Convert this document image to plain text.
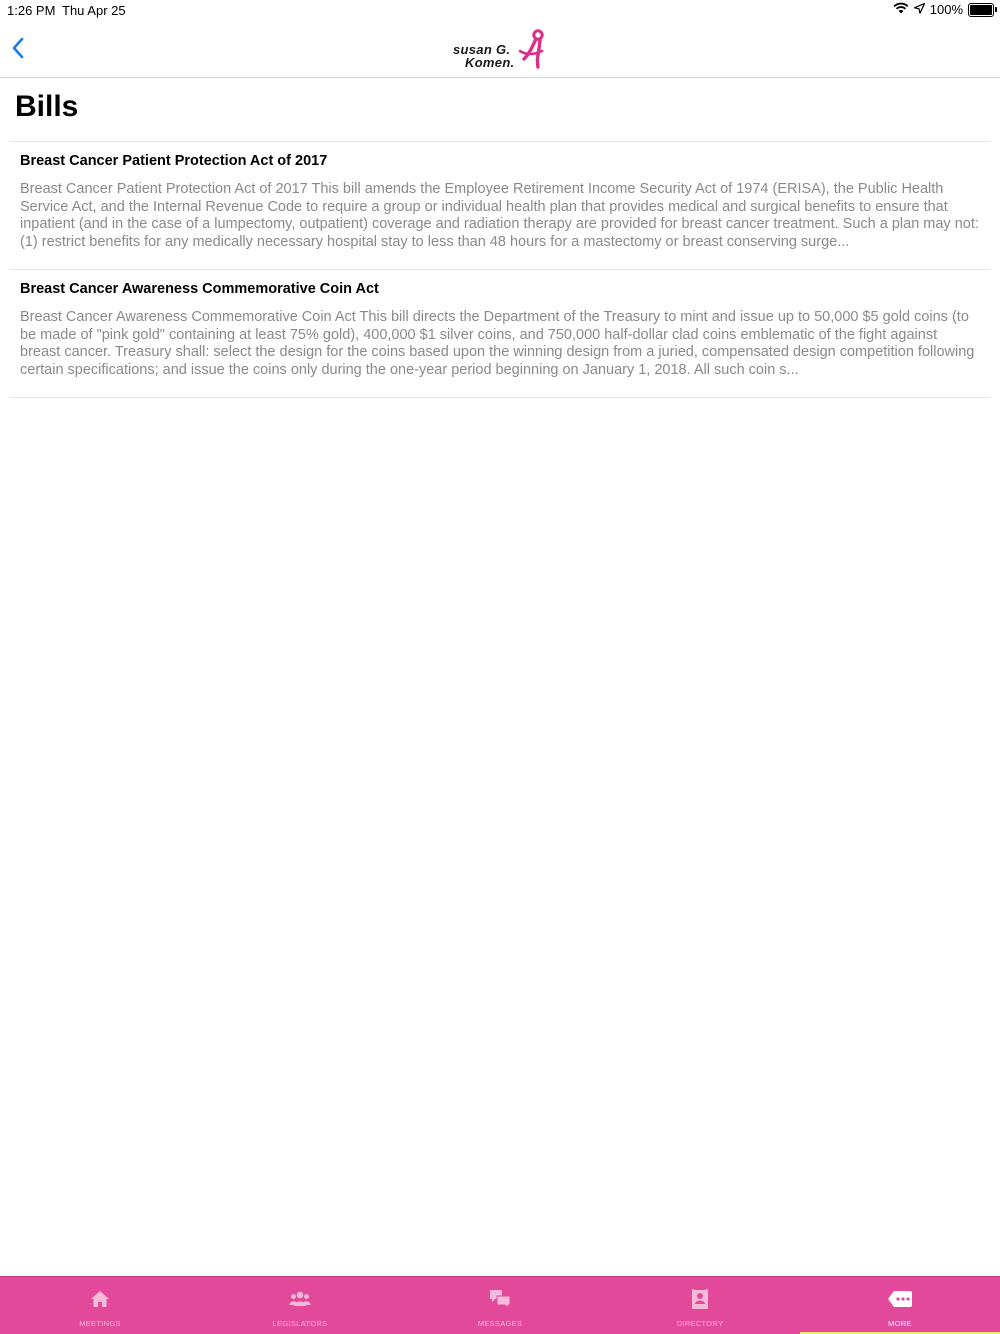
1:26 PM Thu Apr 25	100%
susan G.
Komen.
Bills
Breast Cancer Patient Protection Act of 2017
Breast Cancer Patient Protection Act of 2017 This bill amends the Employee Retirement Income Security Act of 1974 (ERISA), the Public Health Service Act, and the Internal Revenue Code to require a group or individual health plan that provides medical and surgical benefits to ensure that inpatient (and in the case of a lumpectomy, outpatient) coverage and radiation therapy are provided for breast cancer treatment. Such a plan may not: (1) restrict benefits for any medically necessary hospital stay to less than 48 hours for a mastectomy or breast conserving surge...
Breast Cancer Awareness Commemorative Coin Act
Breast Cancer Awareness Commemorative Coin Act This bill directs the Department of the Treasury to mint and issue up to 50,000 $5 gold coins (to be made of "pink gold" containing at least 75% gold), 400,000 $1 silver coins, and 750,000 half-dollar clad coins emblematic of the fight against breast cancer. Treasury shall: select the design for the coins based upon the winning design from a juried, compensated design competition following certain specifications; and issue the coins only during the one-year period beginning on January 1, 2018. All such coin s...
MEETINGS	LEGISLATORS	MESSAGES	DIRECTORY	MORE
